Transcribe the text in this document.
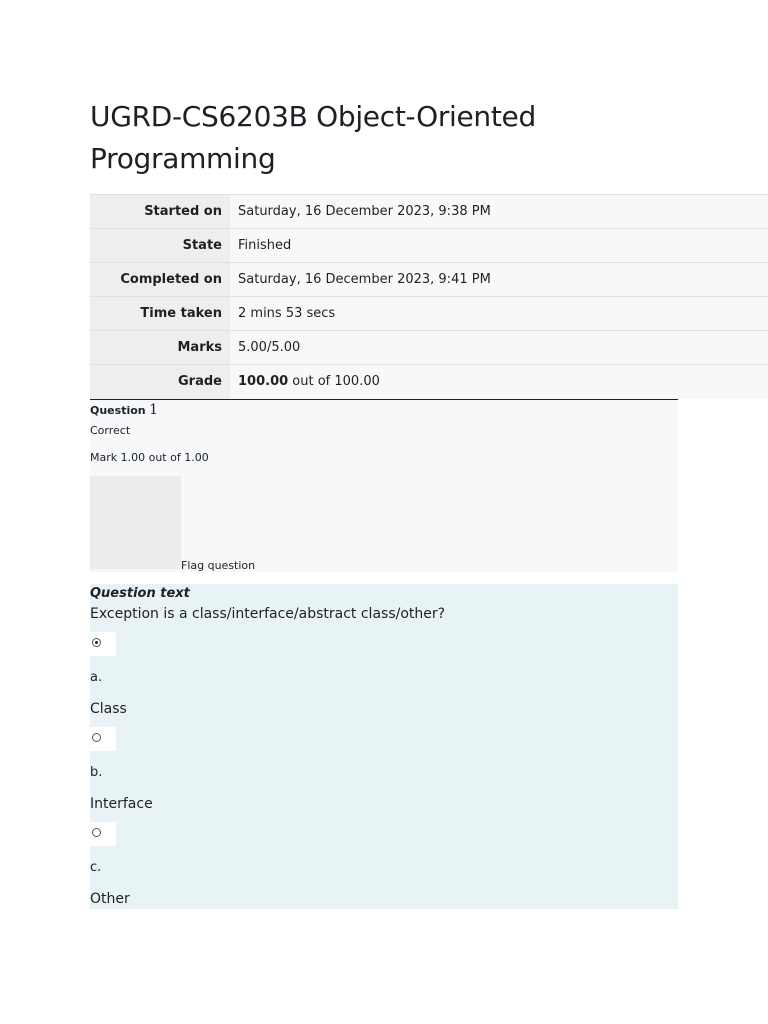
UGRD-CS6203B Object-Oriented Programming
Started on	Saturday, 16 December 2023, 9:38 PM
State	Finished
Completed on	Saturday, 16 December 2023, 9:41 PM
Time taken	2 mins 53 secs
Marks	5.00/5.00
Grade	100.00 out of 100.00
Question 1
Correct
Mark 1.00 out of 1.00
Flag question
Question text
Exception is a class/interface/abstract class/other?
a.
Class
b.
Interface
c.
Other
